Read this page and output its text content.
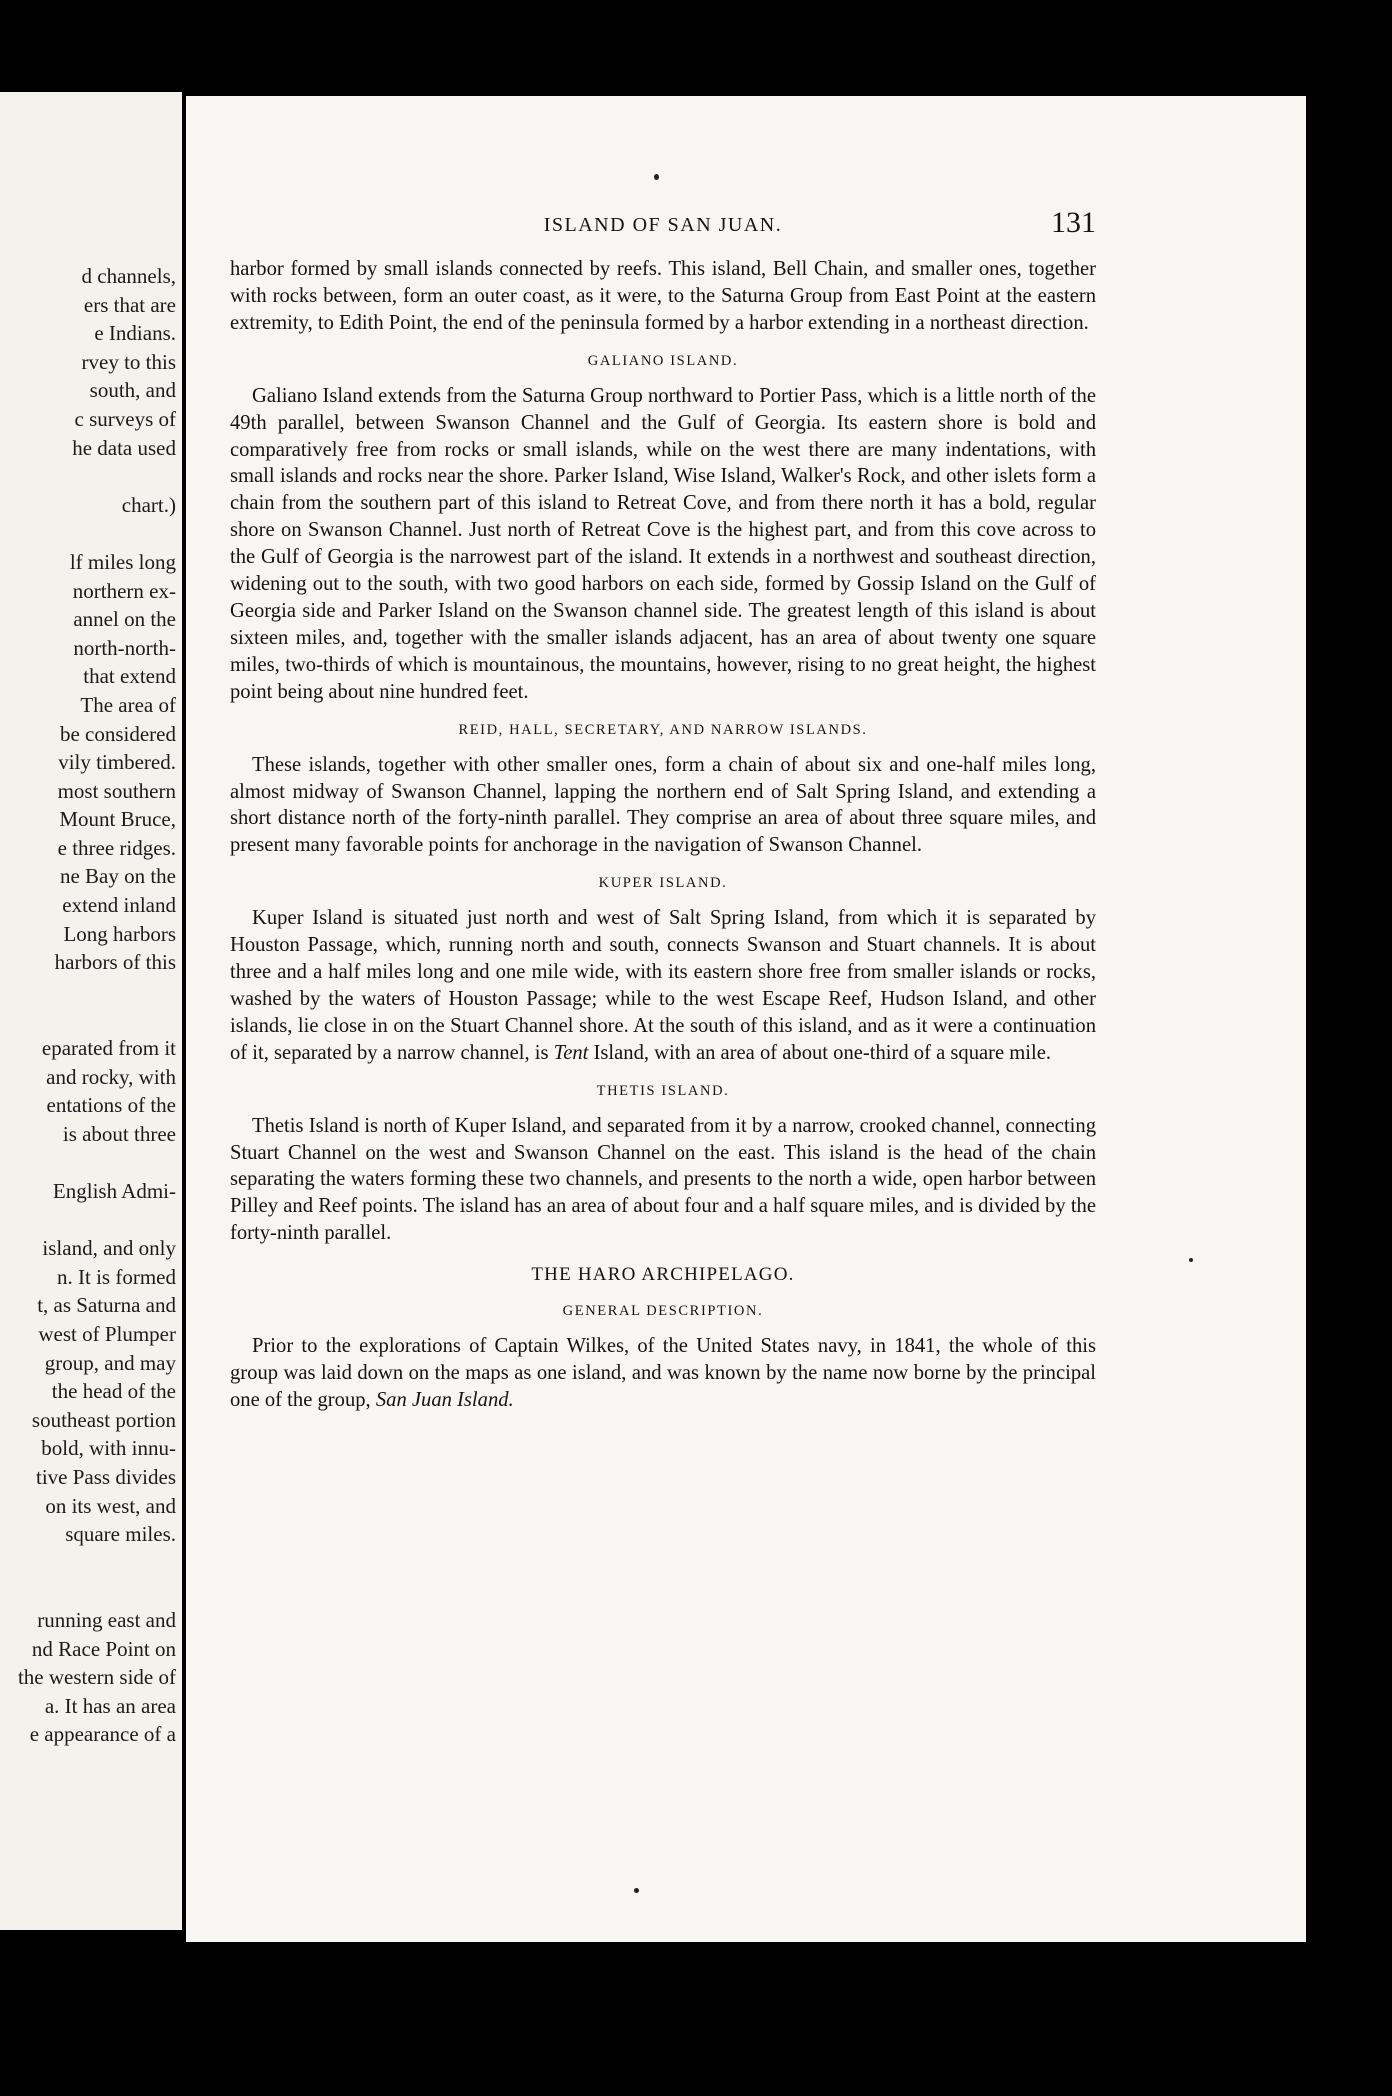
d channels,
ers that are
e Indians.
rvey to this
south, and
c surveys of
he data used
chart.)
lf miles long
northern ex-
annel on the
north-north-
that extend
The area of
be considered
vily timbered.
most southern
Mount Bruce,
e three ridges.
ne Bay on the
extend inland
Long harbors
harbors of this
eparated from it
and rocky, with
entations of the
is about three
English Admi-
island, and only
n. It is formed
t, as Saturna and
west of Plumper
group, and may
the head of the
southeast portion
bold, with innu-
tive Pass divides
on its west, and
square miles.
running east and
nd Race Point on
the western side of
a. It has an area
e appearance of a
ISLAND OF SAN JUAN.	131

harbor formed by small islands connected by reefs. This island, Bell Chain, and smaller ones, together with rocks between, form an outer coast, as it were, to the Saturna Group from East Point at the eastern extremity, to Edith Point, the end of the peninsula formed by a harbor extending in a northeast direction.

GALIANO ISLAND.

Galiano Island extends from the Saturna Group northward to Portier Pass, which is a little north of the 49th parallel, between Swanson Channel and the Gulf of Georgia. Its eastern shore is bold and comparatively free from rocks or small islands, while on the west there are many indentations, with small islands and rocks near the shore. Parker Island, Wise Island, Walker's Rock, and other islets form a chain from the southern part of this island to Retreat Cove, and from there north it has a bold, regular shore on Swanson Channel. Just north of Retreat Cove is the highest part, and from this cove across to the Gulf of Georgia is the narrowest part of the island. It extends in a northwest and southeast direction, widening out to the south, with two good harbors on each side, formed by Gossip Island on the Gulf of Georgia side and Parker Island on the Swanson channel side. The greatest length of this island is about sixteen miles, and, together with the smaller islands adjacent, has an area of about twenty one square miles, two-thirds of which is mountainous, the mountains, however, rising to no great height, the highest point being about nine hundred feet.

REID, HALL, SECRETARY, AND NARROW ISLANDS.

These islands, together with other smaller ones, form a chain of about six and one-half miles long, almost midway of Swanson Channel, lapping the northern end of Salt Spring Island, and extending a short distance north of the forty-ninth parallel. They comprise an area of about three square miles, and present many favorable points for anchorage in the navigation of Swanson Channel.

KUPER ISLAND.

Kuper Island is situated just north and west of Salt Spring Island, from which it is separated by Houston Passage, which, running north and south, connects Swanson and Stuart channels. It is about three and a half miles long and one mile wide, with its eastern shore free from smaller islands or rocks, washed by the waters of Houston Passage; while to the west Escape Reef, Hudson Island, and other islands, lie close in on the Stuart Channel shore. At the south of this island, and as it were a continuation of it, separated by a narrow channel, is Tent Island, with an area of about one-third of a square mile.

THETIS ISLAND.

Thetis Island is north of Kuper Island, and separated from it by a narrow, crooked channel, connecting Stuart Channel on the west and Swanson Channel on the east. This island is the head of the chain separating the waters forming these two channels, and presents to the north a wide, open harbor between Pilley and Reef points. The island has an area of about four and a half square miles, and is divided by the forty-ninth parallel.

THE HARO ARCHIPELAGO.
GENERAL DESCRIPTION.

Prior to the explorations of Captain Wilkes, of the United States navy, in 1841, the whole of this group was laid down on the maps as one island, and was known by the name now borne by the principal one of the group, San Juan Island.
